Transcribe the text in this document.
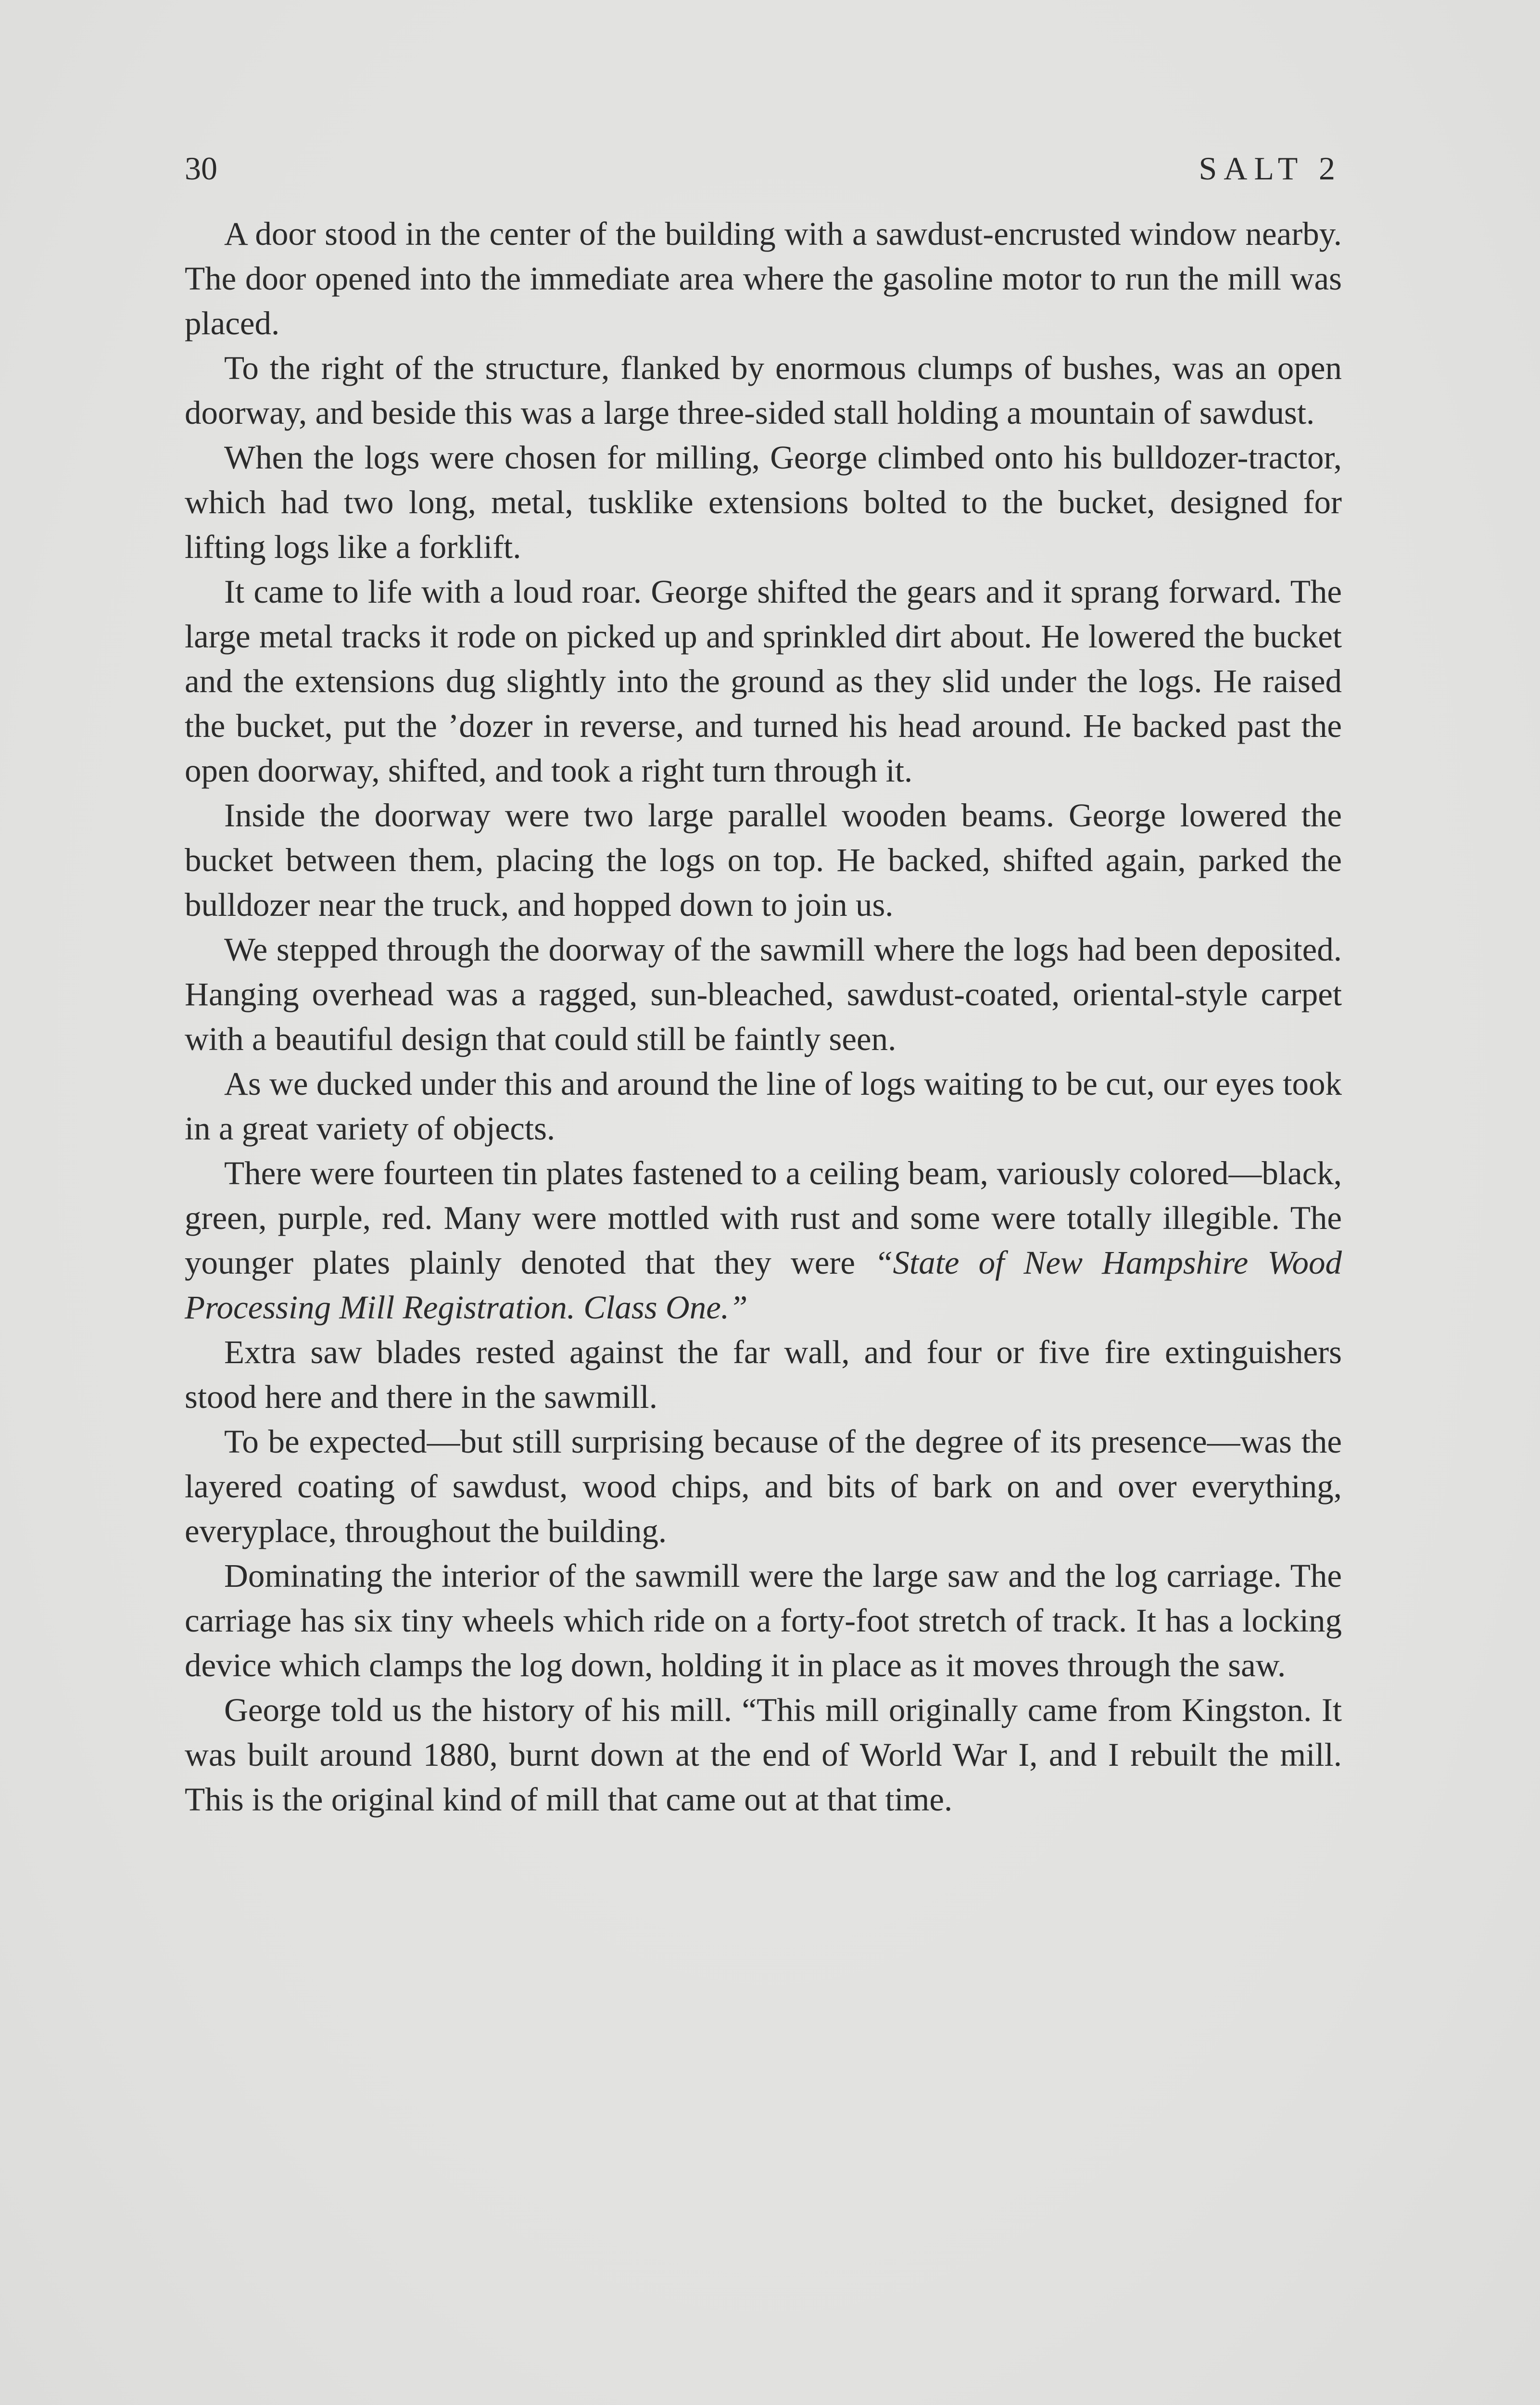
30	SALT 2

A door stood in the center of the building with a sawdust-encrusted window nearby. The door opened into the immediate area where the gasoline motor to run the mill was placed.

To the right of the structure, flanked by enormous clumps of bushes, was an open doorway, and beside this was a large three-sided stall holding a mountain of sawdust.

When the logs were chosen for milling, George climbed onto his bulldozer-tractor, which had two long, metal, tusklike extensions bolted to the bucket, designed for lifting logs like a forklift.

It came to life with a loud roar. George shifted the gears and it sprang forward. The large metal tracks it rode on picked up and sprinkled dirt about. He lowered the bucket and the extensions dug slightly into the ground as they slid under the logs. He raised the bucket, put the ’dozer in reverse, and turned his head around. He backed past the open doorway, shifted, and took a right turn through it.

Inside the doorway were two large parallel wooden beams. George lowered the bucket between them, placing the logs on top. He backed, shifted again, parked the bulldozer near the truck, and hopped down to join us.

We stepped through the doorway of the sawmill where the logs had been deposited. Hanging overhead was a ragged, sun-bleached, sawdust-coated, oriental-style carpet with a beautiful design that could still be faintly seen.

As we ducked under this and around the line of logs waiting to be cut, our eyes took in a great variety of objects.

There were fourteen tin plates fastened to a ceiling beam, variously colored—black, green, purple, red. Many were mottled with rust and some were totally illegible. The younger plates plainly denoted that they were “State of New Hampshire Wood Processing Mill Registration. Class One.”

Extra saw blades rested against the far wall, and four or five fire extinguishers stood here and there in the sawmill.

To be expected—but still surprising because of the degree of its presence—was the layered coating of sawdust, wood chips, and bits of bark on and over everything, everyplace, throughout the building.

Dominating the interior of the sawmill were the large saw and the log carriage. The carriage has six tiny wheels which ride on a forty-foot stretch of track. It has a locking device which clamps the log down, holding it in place as it moves through the saw.

George told us the history of his mill. “This mill originally came from Kingston. It was built around 1880, burnt down at the end of World War I, and I rebuilt the mill. This is the original kind of mill that came out at that time.
